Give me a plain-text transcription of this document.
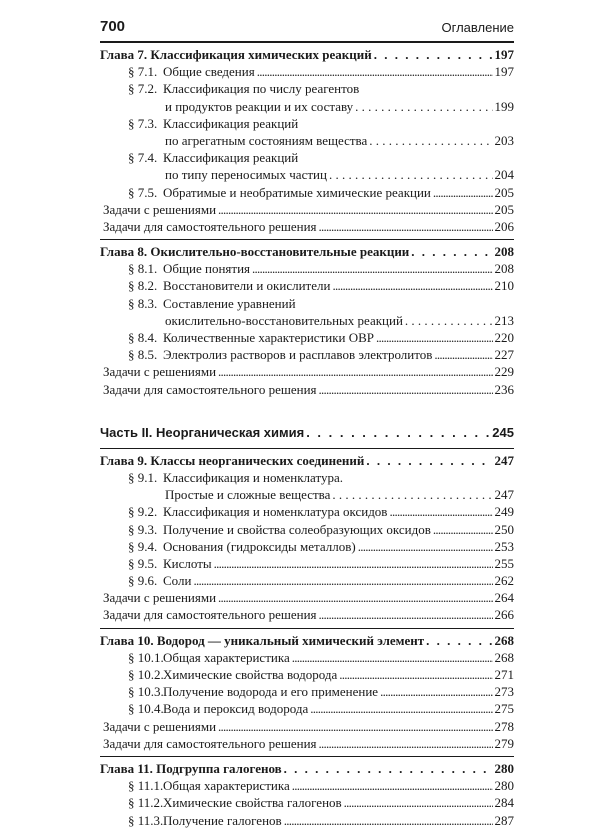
700	Оглавление
Глава 7. Классификация химических реакций . . .	197
§ 7.1. Общие сведения . . .	197
§ 7.2. Классификация по числу реагентов
и продуктов реакции и их составу . . .	199
§ 7.3. Классификация реакций
по агрегатным состояниям вещества . . .	203
§ 7.4. Классификация реакций
по типу переносимых частиц . . .	204
§ 7.5. Обратимые и необратимые химические реакции . . .	205
Задачи с решениями . . .	205
Задачи для самостоятельного решения . . .	206
Глава 8. Окислительно-восстановительные реакции . . .	208
§ 8.1. Общие понятия . . .	208
§ 8.2. Восстановители и окислители . . .	210
§ 8.3. Составление уравнений
окислительно-восстановительных реакций . . .	213
§ 8.4. Количественные характеристики ОВР . . .	220
§ 8.5. Электролиз растворов и расплавов электролитов . . .	227
Задачи с решениями . . .	229
Задачи для самостоятельного решения . . .	236
Часть II. Неорганическая химия . . .	245
Глава 9. Классы неорганических соединений . . .	247
§ 9.1. Классификация и номенклатура.
Простые и сложные вещества . . .	247
§ 9.2. Классификация и номенклатура оксидов . . .	249
§ 9.3. Получение и свойства солеобразующих оксидов . . .	250
§ 9.4. Основания (гидроксиды металлов) . . .	253
§ 9.5. Кислоты . . .	255
§ 9.6. Соли . . .	262
Задачи с решениями . . .	264
Задачи для самостоятельного решения . . .	266
Глава 10. Водород — уникальный химический элемент . . .	268
§ 10.1. Общая характеристика . . .	268
§ 10.2. Химические свойства водорода . . .	271
§ 10.3. Получение водорода и его применение . . .	273
§ 10.4. Вода и пероксид водорода . . .	275
Задачи с решениями . . .	278
Задачи для самостоятельного решения . . .	279
Глава 11. Подгруппа галогенов . . .	280
§ 11.1. Общая характеристика . . .	280
§ 11.2. Химические свойства галогенов . . .	284
§ 11.3. Получение галогенов . . .	287
